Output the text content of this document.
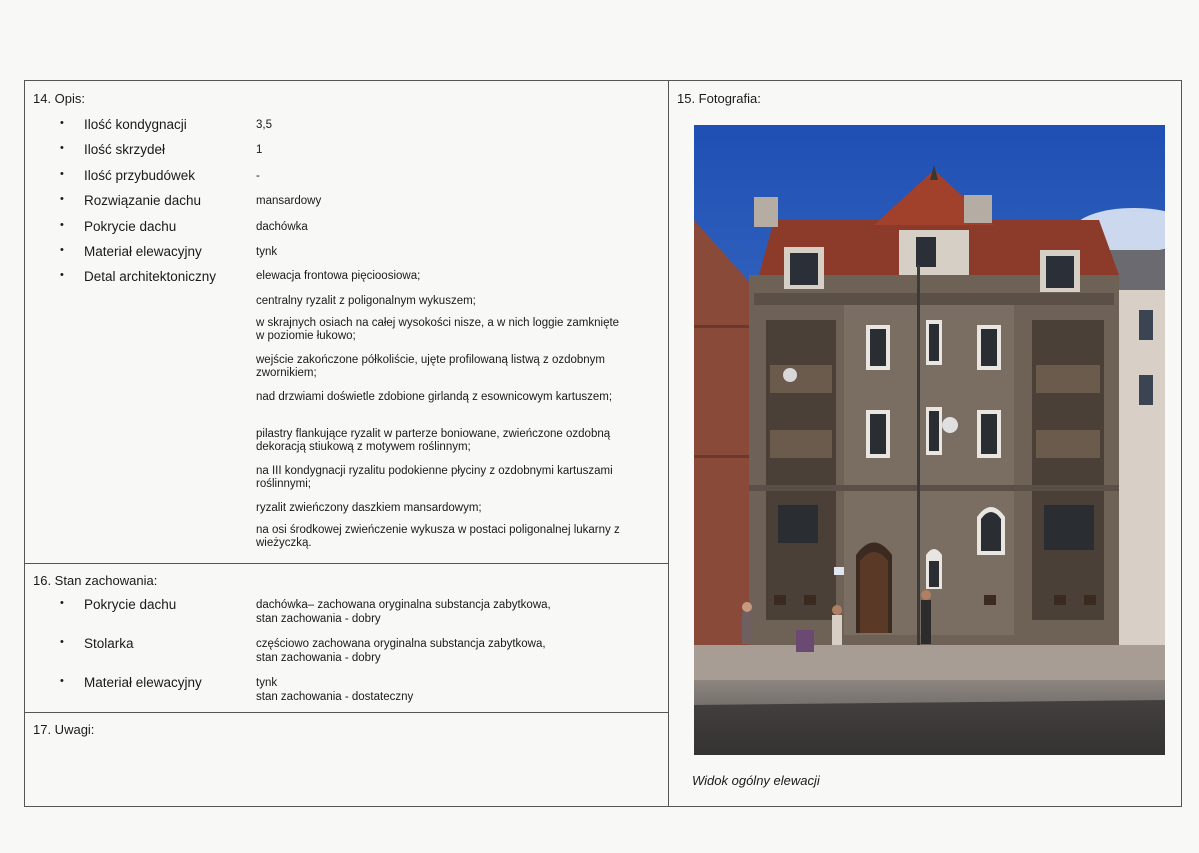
14. Opis:
• Ilość kondygnacji	3,5
• Ilość skrzydeł	1
• Ilość przybudówek	-
• Rozwiązanie dachu	mansardowy
• Pokrycie dachu	dachówka
• Materiał elewacyjny	tynk
• Detal architektoniczny	elewacja frontowa pięcioosiowa;
centralny ryzalit z poligonalnym wykuszem;
w skrajnych osiach na całej wysokości nisze, a w nich loggie zamknięte w poziomie łukowo;
wejście zakończone półkoliście, ujęte profilowaną listwą z ozdobnym zwornikiem;
nad drzwiami doświetle zdobione girlandą z esownicowym kartuszem;
pilastry flankujące ryzalit w parterze boniowane, zwieńczone ozdobną dekoracją stiukową z motywem roślinnym;
na III kondygnacji ryzalitu podokienne płyciny z ozdobnymi kartuszami roślinnymi;
ryzalit zwieńczony daszkiem mansardowym;
na osi środkowej zwieńczenie wykusza w postaci poligonalnej lukarny z wieżyczką.
16. Stan zachowania:
• Pokrycie dachu	dachówka– zachowana oryginalna substancja zabytkowa,
stan zachowania - dobry
• Stolarka	częściowo zachowana oryginalna substancja zabytkowa,
stan zachowania - dobry
• Materiał elewacyjny	tynk
stan zachowania - dostateczny
17. Uwagi:
15. Fotografia:
Widok ogólny elewacji
